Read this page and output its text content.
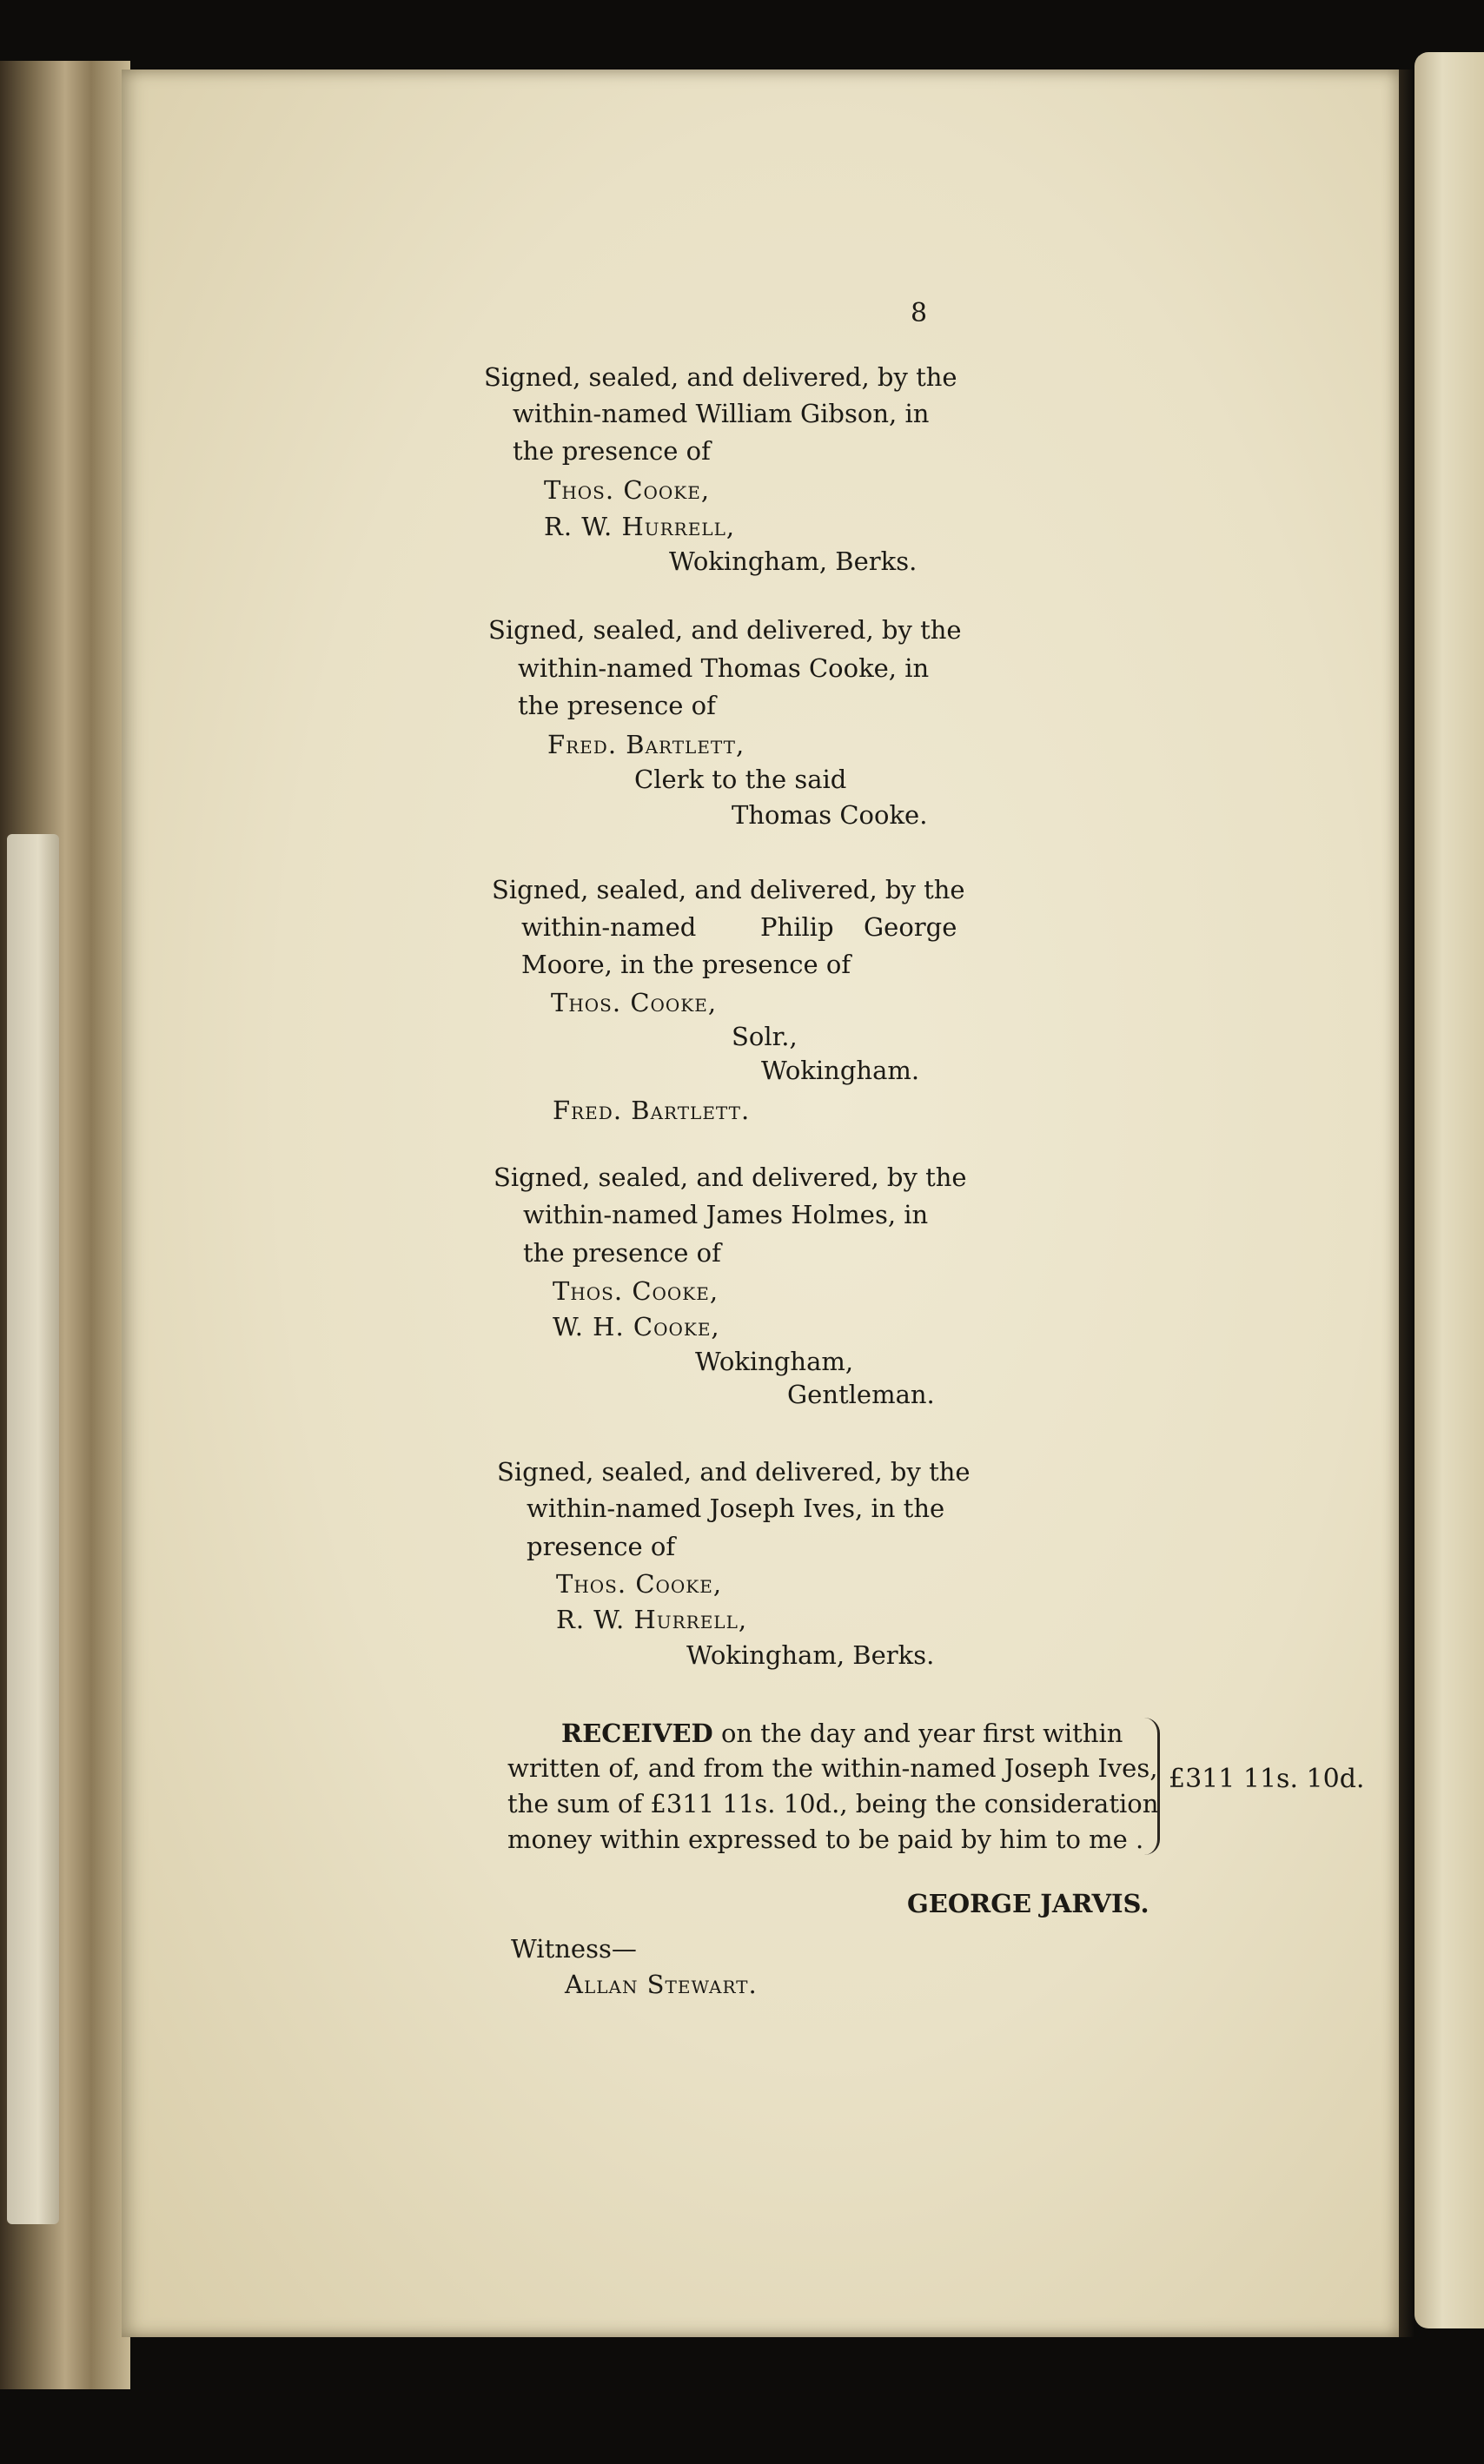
8
Signed, sealed, and delivered, by the
within-named William Gibson, in
the presence of
Thos. Cooke,
R. W. Hurrell,
Wokingham, Berks.
Signed, sealed, and delivered, by the
within-named Thomas Cooke, in
the presence of
Fred. Bartlett,
Clerk to the said
Thomas Cooke.
Signed, sealed, and delivered, by the
within-named	Philip George
Moore, in the presence of
Thos. Cooke,
Solr.,
Wokingham.
Fred. Bartlett.
Signed, sealed, and delivered, by the
within-named James Holmes, in
the presence of
Thos. Cooke,
W. H. Cooke,
Wokingham,
Gentleman.
Signed, sealed, and delivered, by the
within-named Joseph Ives, in the
presence of
Thos. Cooke,
R. W. Hurrell,
Wokingham, Berks.
RECEIVED on the day and year first within
written of, and from the within-named Joseph Ives,
the sum of £311 11s. 10d., being the consideration
money within expressed to be paid by him to me .
£311 11s. 10d.
GEORGE JARVIS.
Witness—
Allan Stewart.
